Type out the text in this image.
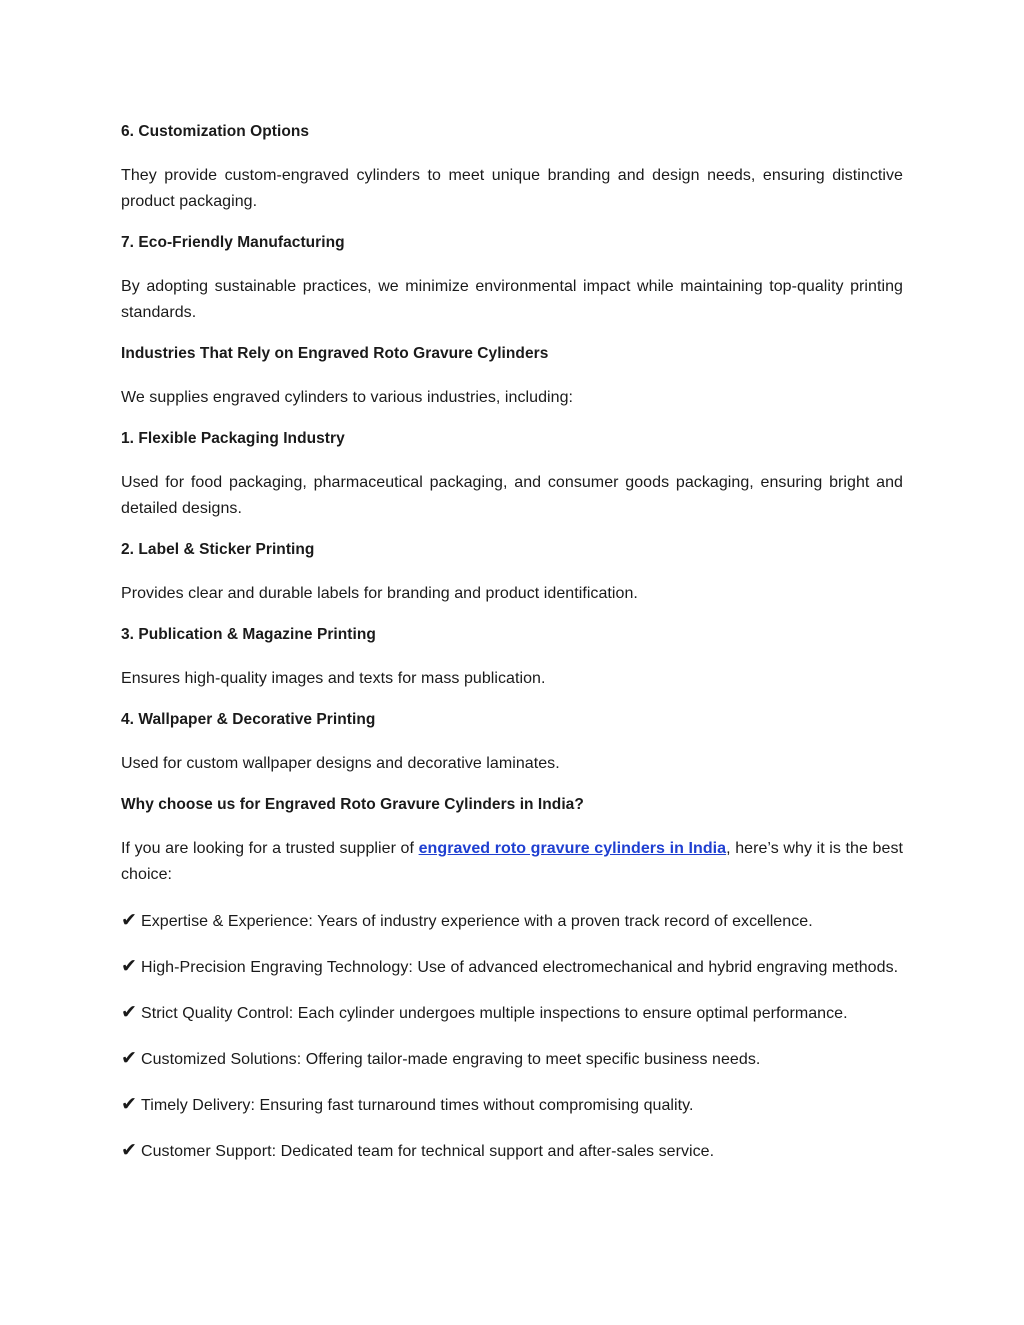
6. Customization Options
They provide custom-engraved cylinders to meet unique branding and design needs, ensuring distinctive product packaging.
7. Eco-Friendly Manufacturing
By adopting sustainable practices, we minimize environmental impact while maintaining top-quality printing standards.
Industries That Rely on Engraved Roto Gravure Cylinders
We supplies engraved cylinders to various industries, including:
1. Flexible Packaging Industry
Used for food packaging, pharmaceutical packaging, and consumer goods packaging, ensuring bright and detailed designs.
2. Label & Sticker Printing
Provides clear and durable labels for branding and product identification.
3. Publication & Magazine Printing
Ensures high-quality images and texts for mass publication.
4. Wallpaper & Decorative Printing
Used for custom wallpaper designs and decorative laminates.
Why choose us for Engraved Roto Gravure Cylinders in India?
If you are looking for a trusted supplier of engraved roto gravure cylinders in India, here’s why it is the best choice:
✔ Expertise & Experience: Years of industry experience with a proven track record of excellence.
✔ High-Precision Engraving Technology: Use of advanced electromechanical and hybrid engraving methods.
✔ Strict Quality Control: Each cylinder undergoes multiple inspections to ensure optimal performance.
✔ Customized Solutions: Offering tailor-made engraving to meet specific business needs.
✔ Timely Delivery: Ensuring fast turnaround times without compromising quality.
✔ Customer Support: Dedicated team for technical support and after-sales service.
